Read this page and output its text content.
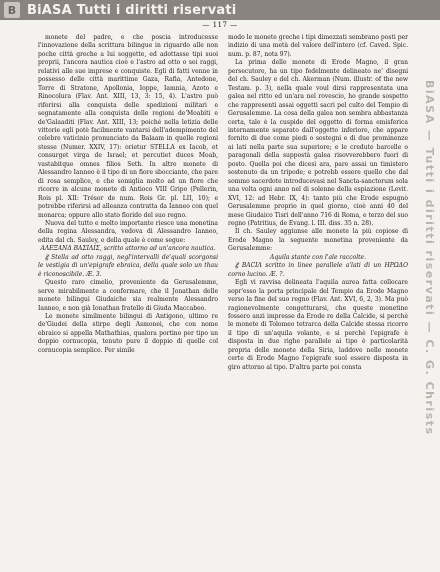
B BiASA Tutti i diritti riservati
— 117 —

monete del padre, e che poscia introducesse l'innovazione della scrittura bilingue in riguardo alle non poche città greche a lui soggette, ed adottasse tipi suoi proprii, l'ancora nautica cioè e l'astro ad otto o sei raggi, relativi alle sue imprese e conquiste. Egli di fatti venne in possesso delle città marittime Gaza, Rafia, Antedone, Torre di Stratone, Apollonia, Ioppe, Iamnia, Azoto e Rinocolura (Flav. Ant. XIII, 13, 3: 15, 4). L'astro può riferirsi alla conquista delle spedizioni militari e segnatamente alla conquista delle regioni de'Moabiti e de'Galaaditi (Flav. Ant. XIII, 13; poiché nella letizia delle vittorie egli potè facilmente vantarsi dell'adempimento del celebre vaticinio pronunciato da Balaam in quelle regioni stesse (Numer. XXIV, 17): orietur STELLA ex Iacob, et consurget virga de Israel; et percutiet duces Moab, vastabitque omnes filios Seth. In altre monete di Alessandro Ianneo è il tipo di un fiore sbocciante, che pare di rosa semplice, e che somiglia molto ad un fiore che ricorre in alcune monete di Antioco VIII Gripo (Pellerin, Rois pl. XII: Trésor de num. Rois Gr. pl. LII, 10); e potrebbe riferirsi ad alleanza contratta da Ianneo con quel monarca; oppure allo stato florido del suo regno.

Nuova del tutto e molto importante riesce una monetina della regina Alessandra, vedova di Alessandro Ianneo, edita dal ch. Sauley, e della quale è come segue:

ΑΛΕΞΑΝΔ ΒΑΣΙΛΙΣ, scritto attorno ad un'ancora nautica.

Ꙃ Stella ad otto raggi, negl'intervalli de'quali scorgonsi le vestigia di un'epigrafe ebraica, della quale solo un thau è riconoscibile. Æ. 3.

Questo raro cimelio, proveniente da Gerusalemme, serve mirabilmente a confermare, che il Jonathan delle monete bilingui Giudaiche sia realmente Alessandro Ianneo, e non già Ionathan fratello di Giuda Maccabeo.

Le monete similmente bilingui di Antigono, ultimo re de'Giudei della stirpe degli Asmonei, che con nome ebraico si appella Mathathias, qualora portino per tipo un doppio cornucopia, tenuto pure il doppio di quelle col cornucopia semplice. Per simile

modo le monete greche i tipi dimezzati sembrano posti per indizio di una metà del valore dell'intero (cf. Caved. Spic. num. p. 87, nota 97).

La prima delle monete di Erode Magno, il gran persecutore, ha un tipo fedelmente delineato ne' disegni del ch. Sauley e del ch. Akerman (Num. illustr. of the new Testam. p. 3), nella quale voul dirsi rappresentata una galea nel ritto ed un'ara nel rovescio, ho grande sospetto che rappresenti assai oggetti sacri pel culto del Tempio di Gerusalemme. La cosa della galea non sembra abbastanza certa, tale è la cuspide del oggetto di forma emisferica internamente separato dall'oggetto inferiore, che appare fornito di due come piedi o sostegni e di due prominenze ai lati nella parte sua superiore; e le credute barcelle o paragonali della suppostà galea risovverebbero fuori di posto. Quella poi che dicesi ara, pare assai un timistero sostenuto da un tripode; e potrebb essere quello che dal sommo sacerdote introducevasi nel Sancta-sanctorum sola una volta ogni anno nel di solenne della espiazione (Levit. XVI, 12: ad Hebr. IX, 4): tanto più che Erode espugnò Gerusalemme proprio in quel giorno, cioè anni 40 del mese Giudaico Tisri dell'anno 716 di Roma, e terzo del suo regno (Patritius, de Evang. l. III. diss. 35 n. 28).

Il ch. Sauley aggiunse alle monete la più copiose di Erode Magno la seguente monetina proveniente da Gerusalemme:

Aquila stante con l'ale raccolte.

Ꙃ ΒΑCΙΛ scritto in linee parallele a'lati di un ΗΡΩΔΟ corno lucino. Æ. ?.

Egli vi ravvisa delineata l'aquila aurea fatta collocare sopr'esso la porta principale del Tempio da Erode Magno verso la fine del suo regno (Flav. Ant. XVI, 6, 2, 3). Ma può ragionevolmente congetturarsi, che queste monetine fossero anzi impresse da Erode re della Calcide, si perchè le monete di Tolomeo tetrarca della Calcide stessa ricorre il tipo di un'aquila volante, e si perchè l'epigrafe è disposta in due righe parallele ai tipo è particolarità propria delle monete della Siria, laddove nelle monete certe di Erode Magno l'epigrafe suol essere disposta in giro attorno al tipo. D'altra parte poi consta	BiASA — Tutti i diritti riservati — C. G. Christs
